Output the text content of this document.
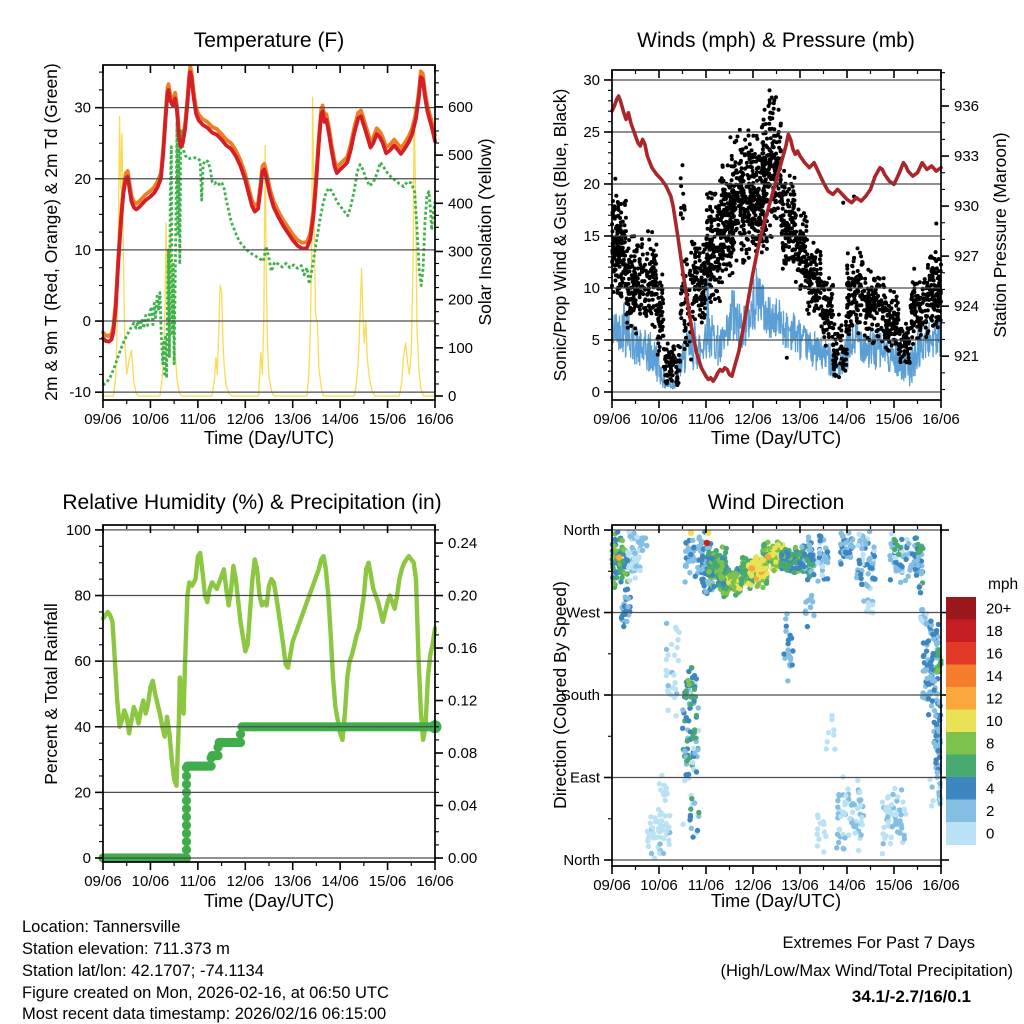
Temperature (F)	Winds (mph) & Pressure (mb)
Relative Humidity (%) & Precipitation (in)	Wind Direction
Time (Day/UTC)	Time (Day/UTC)
Time (Day/UTC)	Time (Day/UTC)
2m & 9m T (Red, Orange) & 2m Td (Green)	Solar Insolation (Yellow)	Sonic/Prop Wind & Gust (Blue, Black)	Station Pressure (Maroon)
Percent & Total Rainfall	Direction (Colored By Speed)
09/06 10/06 11/06 12/06 13/06 14/06 15/06 16/06
-10
0
10
20
30
0
100
200
300
400
500
600
09/06 10/06 11/06 12/06 13/06 14/06 15/06 16/06
0
5
10
15
20
25
30
921
924
927
930
933
936
09/06 10/06 11/06 12/06 13/06 14/06 15/06 16/06
0
20
40
60
80
100
0.00
0.04
0.08
0.12
0.16
0.20
0.24
09/06 10/06 11/06 12/06 13/06 14/06 15/06 16/06
North
East
South
West
North
20+
18
16
14
12
10
8
6
4
2
0
mph
Location: Tannersville
Station elevation: 711.373 m
Station lat/lon: 42.1707; -74.1134
Figure created on Mon, 2026-02-16, at 06:50 UTC
Most recent data timestamp: 2026/02/16 06:15:00
Extremes For Past 7 Days
(High/Low/Max Wind/Total Precipitation)
34.1/-2.7/16/0.1
